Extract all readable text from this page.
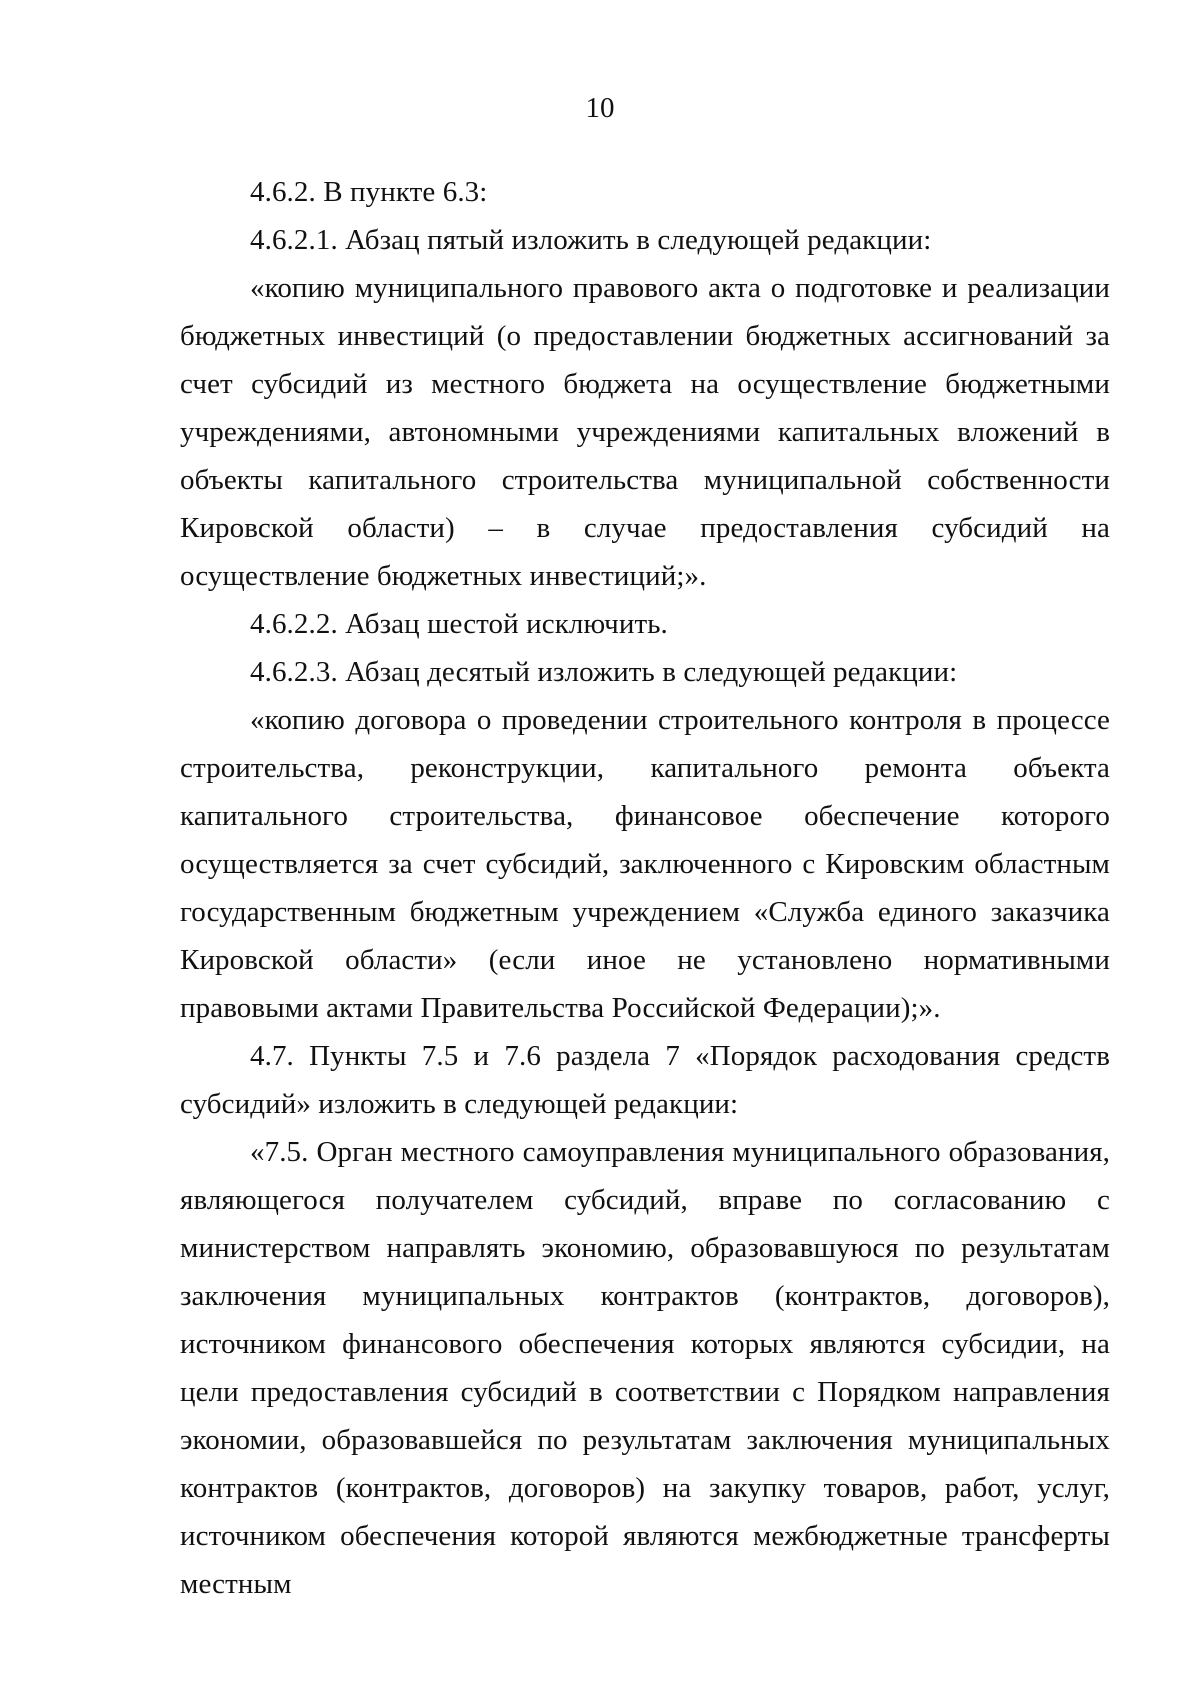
10

4.6.2. В пункте 6.3:

4.6.2.1. Абзац пятый изложить в следующей редакции:

«копию муниципального правового акта о подготовке и реализации бюджетных инвестиций (о предоставлении бюджетных ассигнований за счет субсидий из местного бюджета на осуществление бюджетными учреждениями, автономными учреждениями капитальных вложений в объекты капитального строительства муниципальной собственности Кировской области) – в случае предоставления субсидий на осуществление бюджетных инвестиций;».

4.6.2.2. Абзац шестой исключить.

4.6.2.3. Абзац десятый изложить в следующей редакции:

«копию договора о проведении строительного контроля в процессе строительства, реконструкции, капитального ремонта объекта капитального строительства, финансовое обеспечение которого осуществляется за счет субсидий, заключенного с Кировским областным государственным бюджетным учреждением «Служба единого заказчика Кировской области» (если иное не установлено нормативными правовыми актами Правительства Российской Федерации);».

4.7. Пункты 7.5 и 7.6 раздела 7 «Порядок расходования средств субсидий» изложить в следующей редакции:

«7.5. Орган местного самоуправления муниципального образования, являющегося получателем субсидий, вправе по согласованию с министерством направлять экономию, образовавшуюся по результатам заключения муниципальных контрактов (контрактов, договоров), источником финансового обеспечения которых являются субсидии, на цели предоставления субсидий в соответствии с Порядком направления экономии, образовавшейся по результатам заключения муниципальных контрактов (контрактов, договоров) на закупку товаров, работ, услуг, источником обеспечения которой являются межбюджетные трансферты местным
